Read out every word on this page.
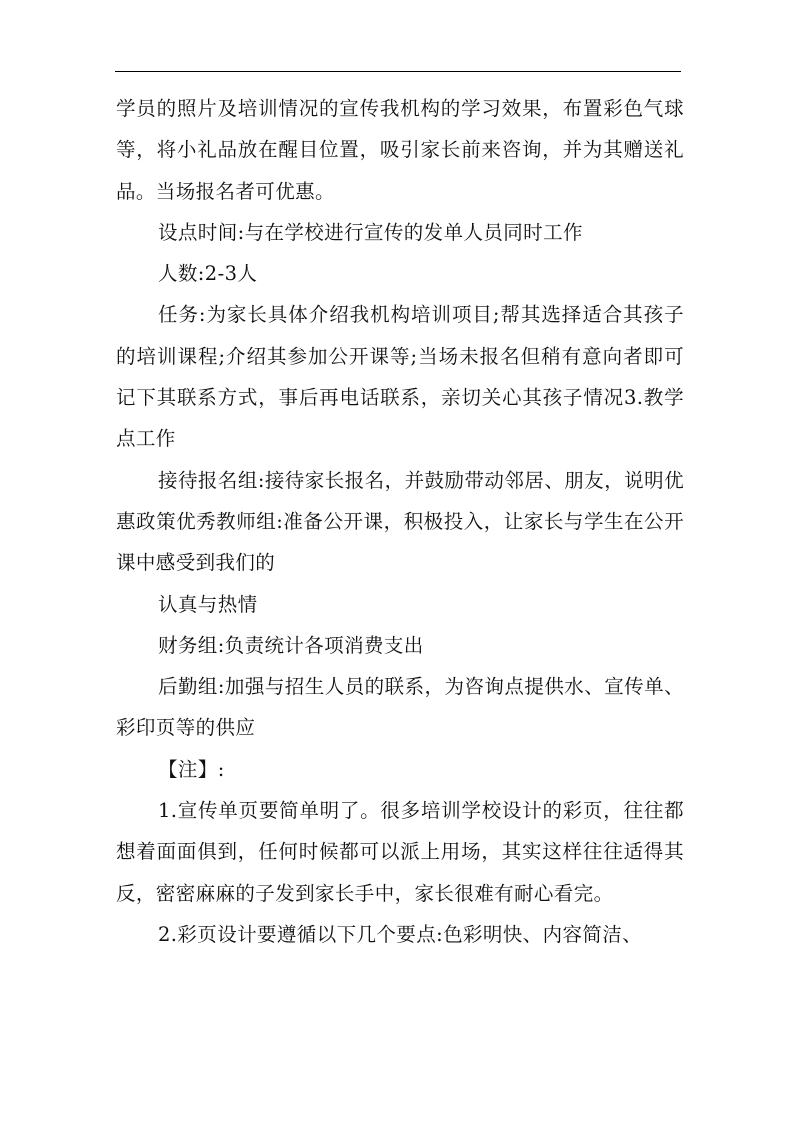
学员的照片及培训情况的宣传我机构的学习效果，布置彩色气球等，将小礼品放在醒目位置，吸引家长前来咨询，并为其赠送礼品。当场报名者可优惠。

设点时间:与在学校进行宣传的发单人员同时工作

人数:2-3人

任务:为家长具体介绍我机构培训项目;帮其选择适合其孩子的培训课程;介绍其参加公开课等;当场未报名但稍有意向者即可记下其联系方式，事后再电话联系，亲切关心其孩子情况3.教学点工作

接待报名组:接待家长报名，并鼓励带动邻居、朋友，说明优惠政策优秀教师组:准备公开课，积极投入，让家长与学生在公开课中感受到我们的

认真与热情

财务组:负责统计各项消费支出

后勤组:加强与招生人员的联系，为咨询点提供水、宣传单、彩印页等的供应

【注】:

1.宣传单页要简单明了。很多培训学校设计的彩页，往往都想着面面俱到，任何时候都可以派上用场，其实这样往往适得其反，密密麻麻的子发到家长手中，家长很难有耐心看完。

2.彩页设计要遵循以下几个要点:色彩明快、内容简洁、
